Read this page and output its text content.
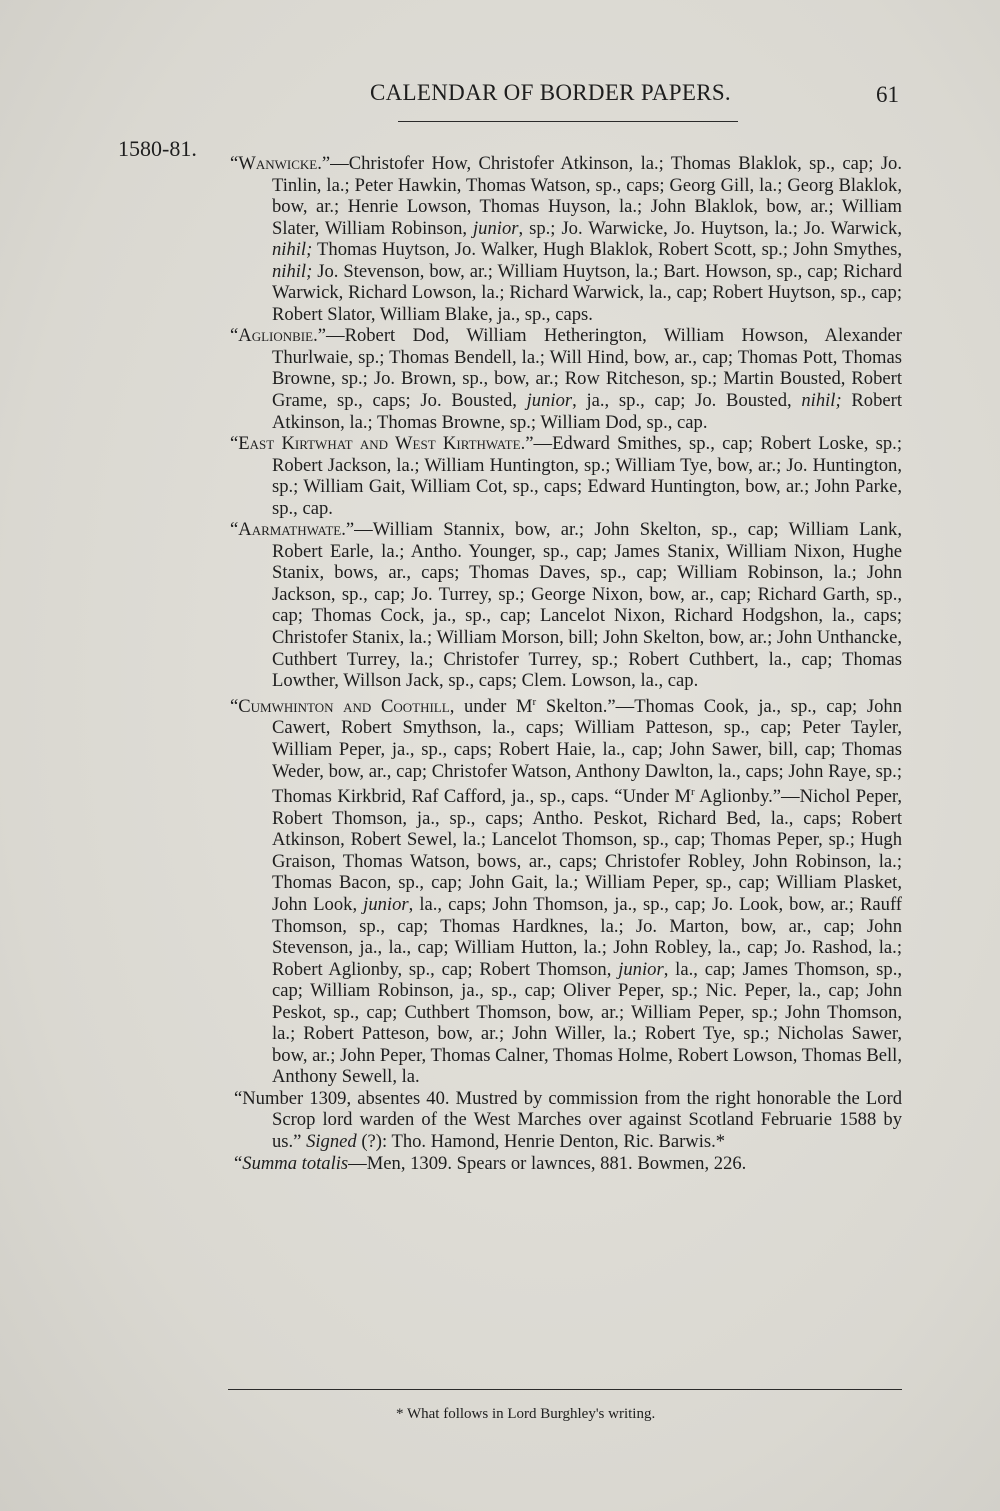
CALENDAR OF BORDER PAPERS.	61
1580-81.

“Wanwicke.”—Christofer How, Christofer Atkinson, la.; Thomas Blaklok, sp., cap; Jo. Tinlin, la.; Peter Hawkin, Thomas Watson, sp., caps; Georg Gill, la.; Georg Blaklok, bow, ar.; Henrie Lowson, Thomas Huyson, la.; John Blaklok, bow, ar.; William Slater, William Robinson, junior, sp.; Jo. Warwicke, Jo. Huytson, la.; Jo. Warwick, nihil; Thomas Huytson, Jo. Walker, Hugh Blaklok, Robert Scott, sp.; John Smythes, nihil; Jo. Stevenson, bow, ar.; William Huytson, la.; Bart. Howson, sp., cap; Richard Warwick, Richard Lowson, la.; Richard Warwick, la., cap; Robert Huytson, sp., cap; Robert Slator, William Blake, ja., sp., caps.

“Aglionbie.”—Robert Dod, William Hetherington, William Howson, Alexander Thurlwaie, sp.; Thomas Bendell, la.; Will Hind, bow, ar., cap; Thomas Pott, Thomas Browne, sp.; Jo. Brown, sp., bow, ar.; Row Ritcheson, sp.; Martin Bousted, Robert Grame, sp., caps; Jo. Bousted, junior, ja., sp., cap; Jo. Bousted, nihil; Robert Atkinson, la.; Thomas Browne, sp.; William Dod, sp., cap.

“East Kirtwhat and West Kirthwate.”—Edward Smithes, sp., cap; Robert Loske, sp.; Robert Jackson, la.; William Huntington, sp.; William Tye, bow, ar.; Jo. Huntington, sp.; William Gait, William Cot, sp., caps; Edward Huntington, bow, ar.; John Parke, sp., cap.

“Aarmathwate.”—William Stannix, bow, ar.; John Skelton, sp., cap; William Lank, Robert Earle, la.; Antho. Younger, sp., cap; James Stanix, William Nixon, Hughe Stanix, bows, ar., caps; Thomas Daves, sp., cap; William Robinson, la.; John Jackson, sp., cap; Jo. Turrey, sp.; George Nixon, bow, ar., cap; Richard Garth, sp., cap; Thomas Cock, ja., sp., cap; Lancelot Nixon, Richard Hodgshon, la., caps; Christofer Stanix, la.; William Morson, bill; John Skelton, bow, ar.; John Unthancke, Cuthbert Turrey, la.; Christofer Turrey, sp.; Robert Cuthbert, la., cap; Thomas Lowther, Willson Jack, sp., caps; Clem. Lowson, la., cap.

“Cumwhinton and Coothill, under $M^r$ Skelton.”—Thomas Cook, ja., sp., cap; John Cawert, Robert Smythson, la., caps; William Patteson, sp., cap; Peter Tayler, William Peper, ja., sp., caps; Robert Haie, la., cap; John Sawer, bill, cap; Thomas Weder, bow, ar., cap; Christofer Watson, Anthony Dawlton, la., caps; John Raye, sp.; Thomas Kirkbrid, Raf Cafford, ja., sp., caps. “Under $M^r$ Aglionby.”—Nichol Peper, Robert Thomson, ja., sp., caps; Antho. Peskot, Richard Bed, la., caps; Robert Atkinson, Robert Sewel, la.; Lancelot Thomson, sp., cap; Thomas Peper, sp.; Hugh Graison, Thomas Watson, bows, ar., caps; Christofer Robley, John Robinson, la.; Thomas Bacon, sp., cap; John Gait, la.; William Peper, sp., cap; William Plasket, John Look, junior, la., caps; John Thomson, ja., sp., cap; Jo. Look, bow, ar.; Rauff Thomson, sp., cap; Thomas Hardknes, la.; Jo. Marton, bow, ar., cap; John Stevenson, ja., la., cap; William Hutton, la.; John Robley, la., cap; Jo. Rashod, la.; Robert Aglionby, sp., cap; Robert Thomson, junior, la., cap; James Thomson, sp., cap; William Robinson, ja., sp., cap; Oliver Peper, sp.; Nic. Peper, la., cap; John Peskot, sp., cap; Cuthbert Thomson, bow, ar.; William Peper, sp.; John Thomson, la.; Robert Patteson, bow, ar.; John Willer, la.; Robert Tye, sp.; Nicholas Sawer, bow, ar.; John Peper, Thomas Calner, Thomas Holme, Robert Lowson, Thomas Bell, Anthony Sewell, la.

“Number 1309, absentes 40. Mustred by commission from the right honorable the Lord Scrop lord warden of the West Marches over against Scotland Februarie 1588 by us.” Signed (?): Tho. Hamond, Henrie Denton, Ric. Barwis.*

“Summa totalis—Men, 1309. Spears or lawnces, 881. Bowmen, 226.

* What follows in Lord Burghley's writing.
